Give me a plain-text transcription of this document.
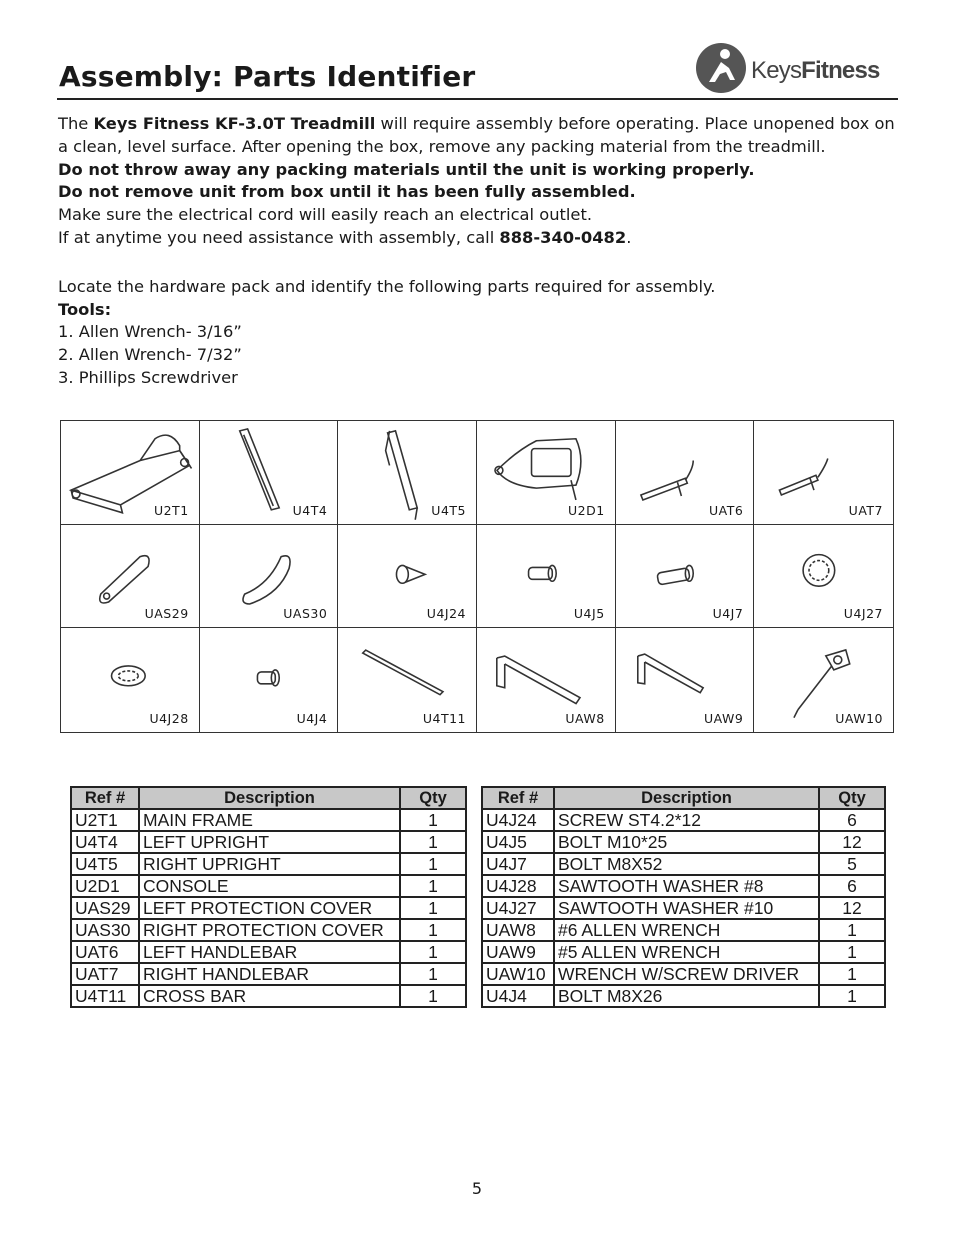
Assembly: Parts Identifier	KeysFitness

The Keys Fitness KF-3.0T Treadmill will require assembly before operating. Place unopened box on a clean, level surface. After opening the box, remove any packing material from the treadmill.

Do not throw away any packing materials until the unit is working properly.

Do not remove unit from box until it has been fully assembled.

Make sure the electrical cord will easily reach an electrical outlet.

If at anytime you need assistance with assembly, call 888-340-0482.

Locate the hardware pack and identify the following parts required for assembly.

Tools:

1. Allen Wrench- 3/16”

2. Allen Wrench- 7/32”

3. Phillips Screwdriver

U2T1	U4T4	U4T5	U2D1	UAT6	UAT7
UAS29	UAS30	U4J24	U4J5	U4J7	U4J27
U4J28	U4J4	U4T11	UAW8	UAW9	UAW10
Ref #	Description	Qty
U2T1	MAIN FRAME	1
U4T4	LEFT UPRIGHT	1
U4T5	RIGHT UPRIGHT	1
U2D1	CONSOLE	1
UAS29	LEFT PROTECTION COVER	1
UAS30	RIGHT PROTECTION COVER	1
UAT6	LEFT HANDLEBAR	1
UAT7	RIGHT HANDLEBAR	1
U4T11	CROSS BAR	1
Ref #	Description	Qty
U4J24	SCREW ST4.2*12	6
U4J5	BOLT M10*25	12
U4J7	BOLT M8X52	5
U4J28	SAWTOOTH WASHER #8	6
U4J27	SAWTOOTH WASHER #10	12
UAW8	#6 ALLEN WRENCH	1
UAW9	#5 ALLEN WRENCH	1
UAW10	WRENCH W/SCREW DRIVER	1
U4J4	BOLT M8X26	1
5
